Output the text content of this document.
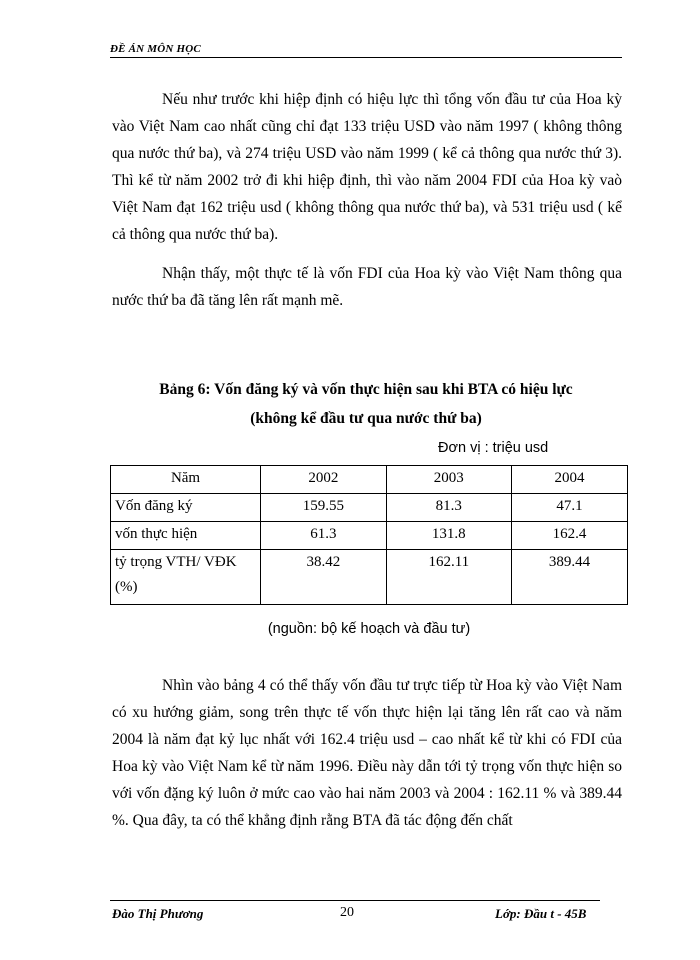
ĐỀ ÁN MÔN HỌC

Nếu như trước khi hiệp định có hiệu lực thì tổng vốn đầu tư của Hoa kỳ vào Việt Nam cao nhất cũng chỉ đạt 133 triệu USD vào năm 1997 ( không thông qua nước thứ ba), và 274 triệu USD vào năm 1999 ( kể cả thông qua nước thứ 3). Thì kể từ năm 2002 trở đi khi hiệp định, thì vào năm 2004 FDI của Hoa kỳ vaò Việt Nam đạt 162 triệu usd ( không thông qua nước thứ ba), và 531 triệu usd ( kể cả thông qua nước thứ ba).

Nhận thấy, một thực tế là vốn FDI của Hoa kỳ vào Việt Nam thông qua nước thứ ba đã tăng lên rất mạnh mẽ.

Bảng 6: Vốn đăng ký và vốn thực hiện sau khi BTA có hiệu lực
(không kể đầu tư qua nước thứ ba)
Đơn vị : triệu usd
Năm	2002	2003	2004
Vốn đăng ký	159.55	81.3	47.1
vốn thực hiện	61.3	131.8	162.4
tỷ trọng VTH/ VĐK (%)	38.42	162.11	389.44
(nguồn: bộ kế hoạch và đầu tư)

Nhìn vào bảng 4 có thể thấy vốn đầu tư trực tiếp từ Hoa kỳ vào Việt Nam có xu hướng giảm, song trên thực tế vốn thực hiện lại tăng lên rất cao và năm 2004 là năm đạt kỷ lục nhất với 162.4 triệu usd – cao nhất kể từ khi có FDI của Hoa kỳ vào Việt Nam kể từ năm 1996. Điều này dẫn tới tỷ trọng vốn thực hiện so với vốn đặng ký luôn ở mức cao vào hai năm 2003 và 2004 : 162.11 % và 389.44 %. Qua đây, ta có thể khẳng định rằng BTA đã tác động đến chất

Đào Thị Phương	20	Lớp: Đầu t - 45B
